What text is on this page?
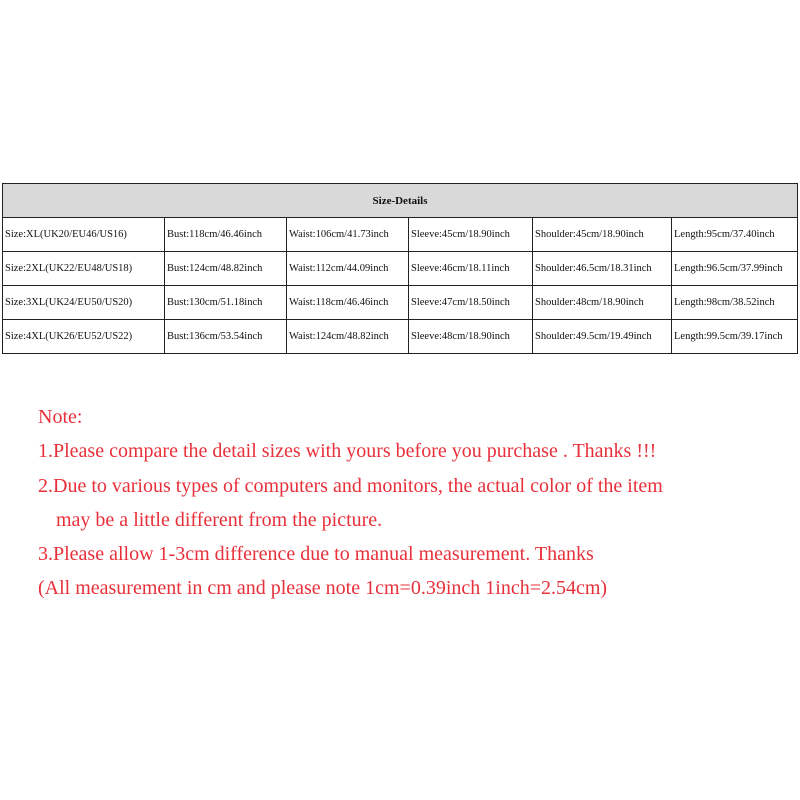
Size-Details					
Size:XL(UK20/EU46/US16)	Bust:118cm/46.46inch	Waist:106cm/41.73inch	Sleeve:45cm/18.90inch	Shoulder:45cm/18.90inch	Length:95cm/37.40inch
Size:2XL(UK22/EU48/US18)	Bust:124cm/48.82inch	Waist:112cm/44.09inch	Sleeve:46cm/18.11inch	Shoulder:46.5cm/18.31inch	Length:96.5cm/37.99inch
Size:3XL(UK24/EU50/US20)	Bust:130cm/51.18inch	Waist:118cm/46.46inch	Sleeve:47cm/18.50inch	Shoulder:48cm/18.90inch	Length:98cm/38.52inch
Size:4XL(UK26/EU52/US22)	Bust:136cm/53.54inch	Waist:124cm/48.82inch	Sleeve:48cm/18.90inch	Shoulder:49.5cm/19.49inch	Length:99.5cm/39.17inch
Note:
1.Please compare the detail sizes with yours before you purchase . Thanks !!!
2.Due to various types of computers and monitors, the actual color of the item
may be a little different from the picture.
3.Please allow 1-3cm difference due to manual measurement. Thanks
(All measurement in cm and please note 1cm=0.39inch 1inch=2.54cm)
